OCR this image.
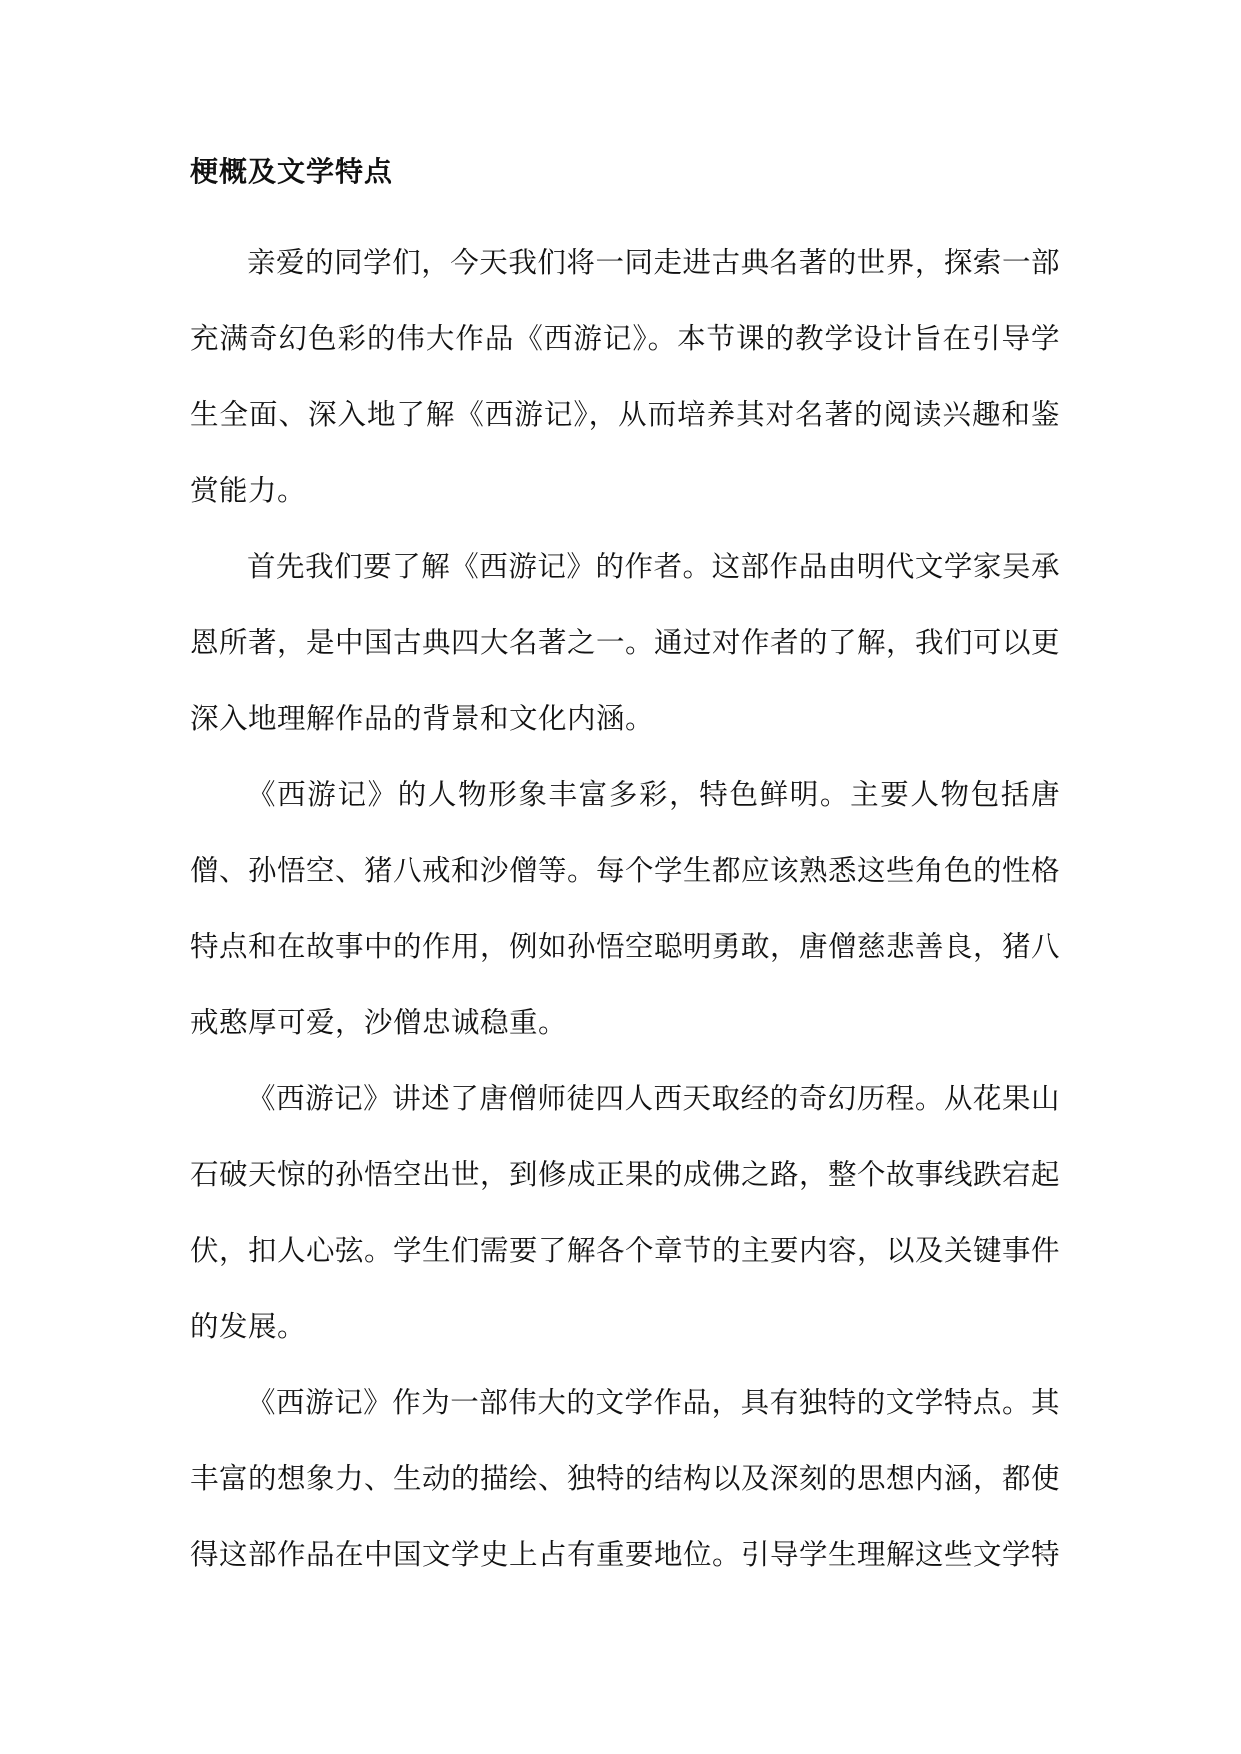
梗概及文学特点

亲爱的同学们，今天我们将一同走进古典名著的世界，探索一部充满奇幻色彩的伟大作品《西游记》。本节课的教学设计旨在引导学生全面、深入地了解《西游记》，从而培养其对名著的阅读兴趣和鉴赏能力。

首先我们要了解《西游记》的作者。这部作品由明代文学家吴承恩所著，是中国古典四大名著之一。通过对作者的了解，我们可以更深入地理解作品的背景和文化内涵。

《西游记》的人物形象丰富多彩，特色鲜明。主要人物包括唐僧、孙悟空、猪八戒和沙僧等。每个学生都应该熟悉这些角色的性格特点和在故事中的作用，例如孙悟空聪明勇敢，唐僧慈悲善良，猪八戒憨厚可爱，沙僧忠诚稳重。

《西游记》讲述了唐僧师徒四人西天取经的奇幻历程。从花果山石破天惊的孙悟空出世，到修成正果的成佛之路，整个故事线跌宕起伏，扣人心弦。学生们需要了解各个章节的主要内容，以及关键事件的发展。

《西游记》作为一部伟大的文学作品，具有独特的文学特点。其丰富的想象力、生动的描绘、独特的结构以及深刻的思想内涵，都使得这部作品在中国文学史上占有重要地位。引导学生理解这些文学特
